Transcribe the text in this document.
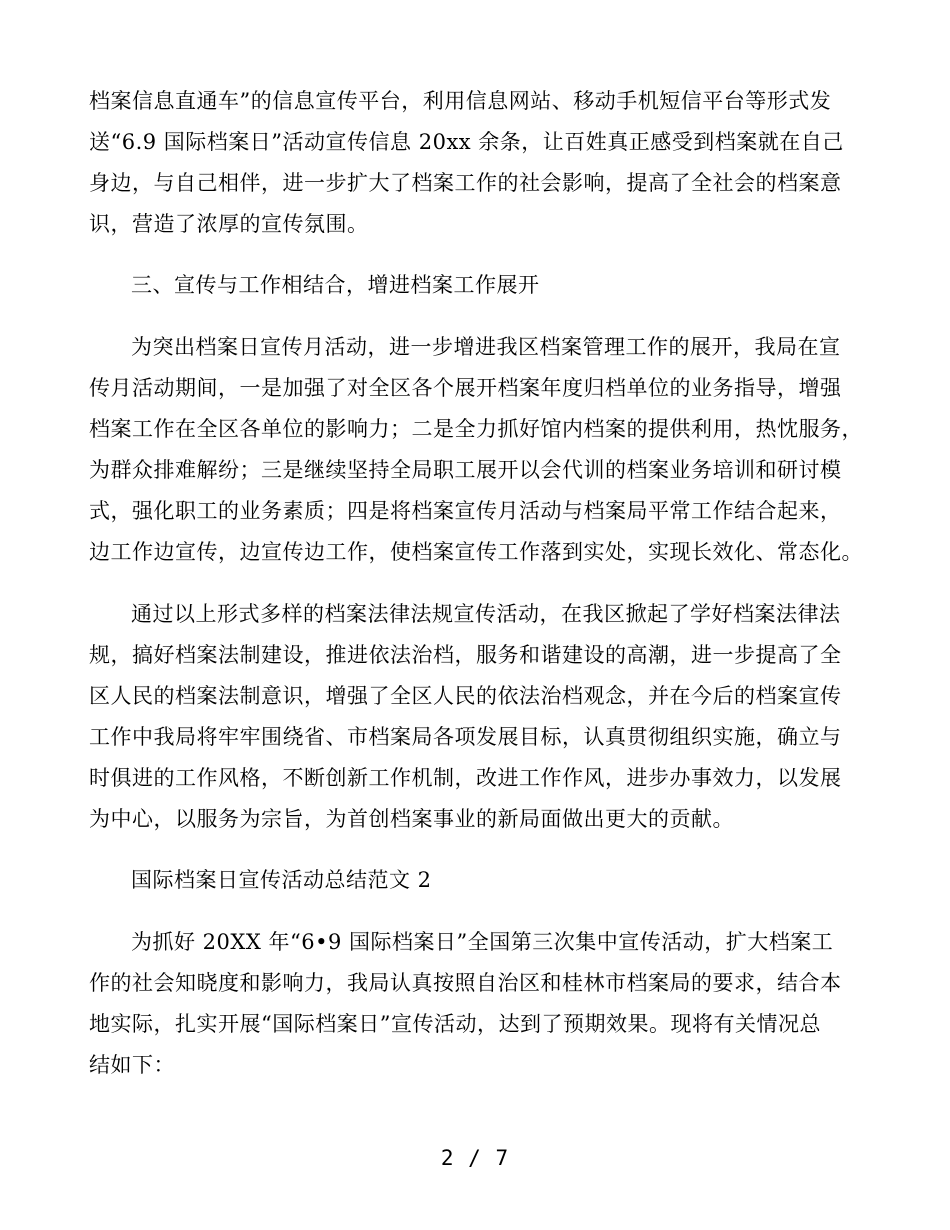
档案信息直通车”的信息宣传平台，利用信息网站、移动手机短信平台等形式发
送“6.9 国际档案日”活动宣传信息 20xx 余条，让百姓真正感受到档案就在自己
身边，与自己相伴，进一步扩大了档案工作的社会影响，提高了全社会的档案意
识，营造了浓厚的宣传氛围。
三、宣传与工作相结合，增进档案工作展开
为突出档案日宣传月活动，进一步增进我区档案管理工作的展开，我局在宣
传月活动期间，一是加强了对全区各个展开档案年度归档单位的业务指导，增强
档案工作在全区各单位的影响力；二是全力抓好馆内档案的提供利用，热忱服务，
为群众排难解纷；三是继续坚持全局职工展开以会代训的档案业务培训和研讨模
式，强化职工的业务素质；四是将档案宣传月活动与档案局平常工作结合起来，
边工作边宣传，边宣传边工作，使档案宣传工作落到实处，实现长效化、常态化。
通过以上形式多样的档案法律法规宣传活动，在我区掀起了学好档案法律法
规，搞好档案法制建设，推进依法治档，服务和谐建设的高潮，进一步提高了全
区人民的档案法制意识，增强了全区人民的依法治档观念，并在今后的档案宣传
工作中我局将牢牢围绕省、市档案局各项发展目标，认真贯彻组织实施，确立与
时俱进的工作风格，不断创新工作机制，改进工作作风，进步办事效力，以发展
为中心，以服务为宗旨，为首创档案事业的新局面做出更大的贡献。
国际档案日宣传活动总结范文 2
为抓好 20XX 年“6•9 国际档案日”全国第三次集中宣传活动，扩大档案工
作的社会知晓度和影响力，我局认真按照自治区和桂林市档案局的要求，结合本
地实际，扎实开展“国际档案日”宣传活动，达到了预期效果。现将有关情况总
结如下：
2 / 7
